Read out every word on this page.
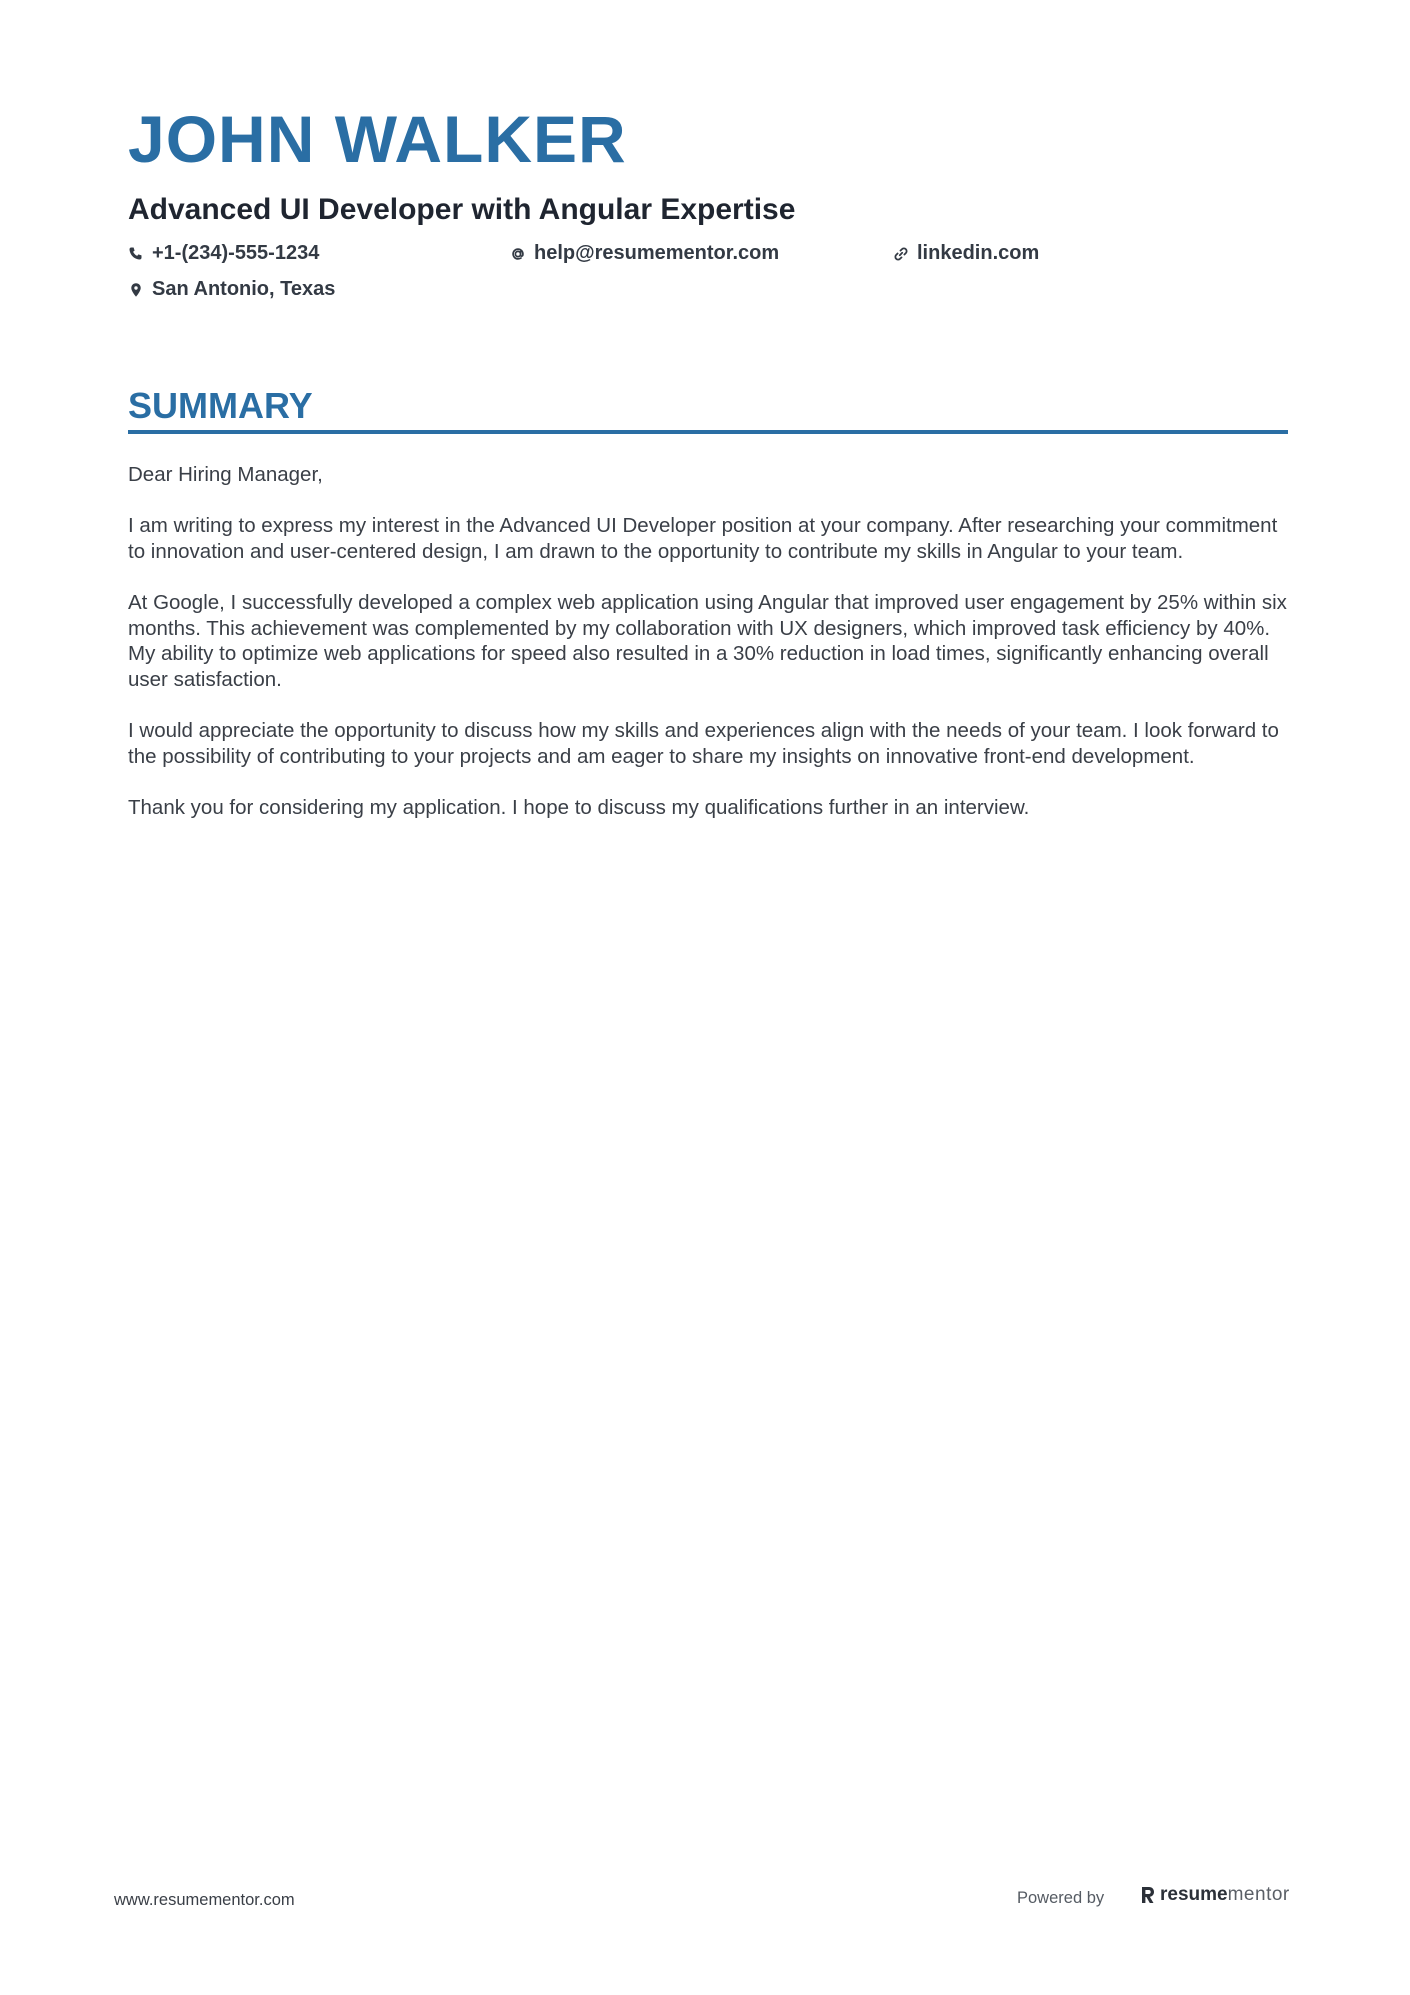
JOHN WALKER
Advanced UI Developer with Angular Expertise
+1-(234)-555-1234	help@resumementor.com	linkedin.com
San Antonio, Texas
SUMMARY

Dear Hiring Manager,

I am writing to express my interest in the Advanced UI Developer position at your company. After researching your commitment to innovation and user-centered design, I am drawn to the opportunity to contribute my skills in Angular to your team.

At Google, I successfully developed a complex web application using Angular that improved user engagement by 25% within six months. This achievement was complemented by my collaboration with UX designers, which improved task efficiency by 40%. My ability to optimize web applications for speed also resulted in a 30% reduction in load times, significantly enhancing overall user satisfaction.

I would appreciate the opportunity to discuss how my skills and experiences align with the needs of your team. I look forward to the possibility of contributing to your projects and am eager to share my insights on innovative front-end development.

Thank you for considering my application. I hope to discuss my qualifications further in an interview.

www.resumementor.com	Powered by	resume mentor
